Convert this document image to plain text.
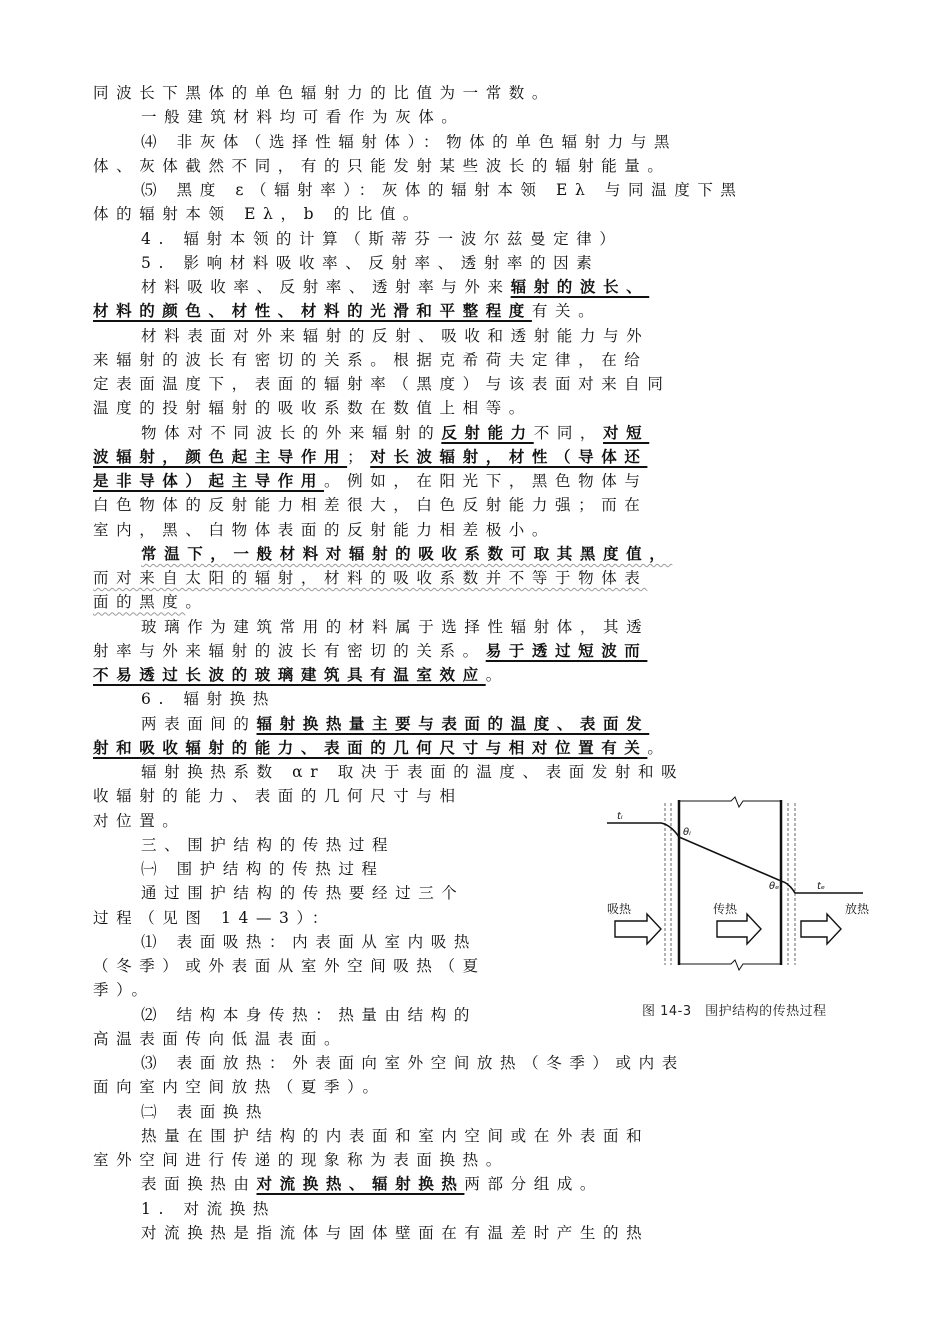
同波长下黑体的单色辐射力的比值为一常数。
一般建筑材料均可看作为灰体。
⑷ 非灰体（选择性辐射体）：物体的单色辐射力与黑
体、灰体截然不同，有的只能发射某些波长的辐射能量。
⑸ 黑度 ε（辐射率）：灰体的辐射本领 Eλ 与同温度下黑
体的辐射本领 Eλ，b 的比值。
4. 辐射本领的计算（斯蒂芬一波尔兹曼定律）
5. 影响材料吸收率、反射率、透射率的因素
材料吸收率、反射率、透射率与外来辐射的波长、
材料的颜色、材性、材料的光滑和平整程度有关。
材料表面对外来辐射的反射、吸收和透射能力与外
来辐射的波长有密切的关系。根据克希荷夫定律，在给
定表面温度下，表面的辐射率（黑度）与该表面对来自同
温度的投射辐射的吸收系数在数值上相等。
物体对不同波长的外来辐射的反射能力不同，对短
波辐射，颜色起主导作用；对长波辐射，材性（导体还
是非导体）起主导作用。例如，在阳光下，黑色物体与
白色物体的反射能力相差很大，白色反射能力强；而在
室内，黑、白物体表面的反射能力相差极小。
常温下，一般材料对辐射的吸收系数可取其黑度值，
而对来自太阳的辐射，材料的吸收系数并不等于物体表
面的黑度。
玻璃作为建筑常用的材料属于选择性辐射体，其透
射率与外来辐射的波长有密切的关系。易于透过短波而
不易透过长波的玻璃建筑具有温室效应。
6. 辐射换热
两表面间的辐射换热量主要与表面的温度、表面发
射和吸收辐射的能力、表面的几何尺寸与相对位置有关。
辐射换热系数 αr 取决于表面的温度、表面发射和吸
收辐射的能力、表面的几何尺寸与相
对位置。
三、围护结构的传热过程
㈠ 围护结构的传热过程
通过围护结构的传热要经过三个
过程（见图 14—3）：
⑴ 表面吸热：内表面从室内吸热
（冬季）或外表面从室外空间吸热（夏
季）。
⑵ 结构本身传热：热量由结构的
高温表面传向低温表面。
⑶ 表面放热：外表面向室外空间放热（冬季）或内表
面向室内空间放热（夏季）。
㈡ 表面换热
热量在围护结构的内表面和室内空间或在外表面和
室外空间进行传递的现象称为表面换热。
表面换热由对流换热、辐射换热两部分组成。
1. 对流换热
对流换热是指流体与固体壁面在有温差时产生的热
tᵢ
θᵢ
θₑ	tₑ
吸热	传热	放热
图 14-3　围护结构的传热过程
